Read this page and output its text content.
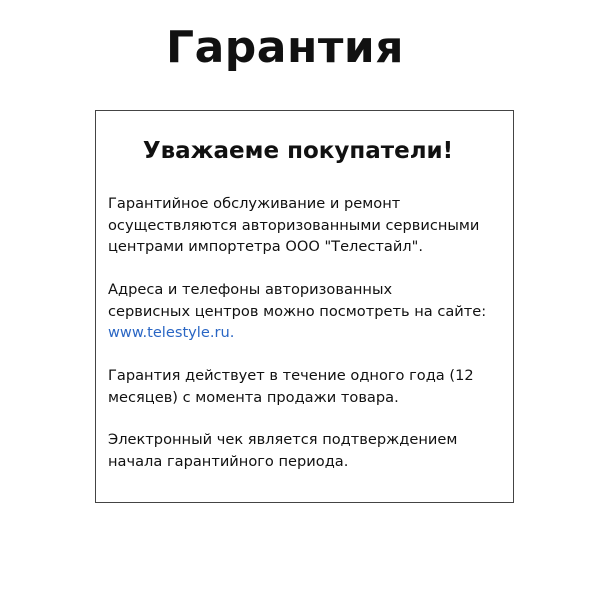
Гарантия
Уважаеме покупатели!

Гарантийное обслуживание и ремонт
осуществляются авторизованными сервисными
центрами импортетра ООО "Телестайл".

Адреса и телефоны авторизованных
сервисных центров можно посмотреть на сайте:
www.telestyle.ru.

Гарантия действует в течение одного года (12
месяцев) с момента продажи товара.

Электронный чек является подтверждением
начала гарантийного периода.
